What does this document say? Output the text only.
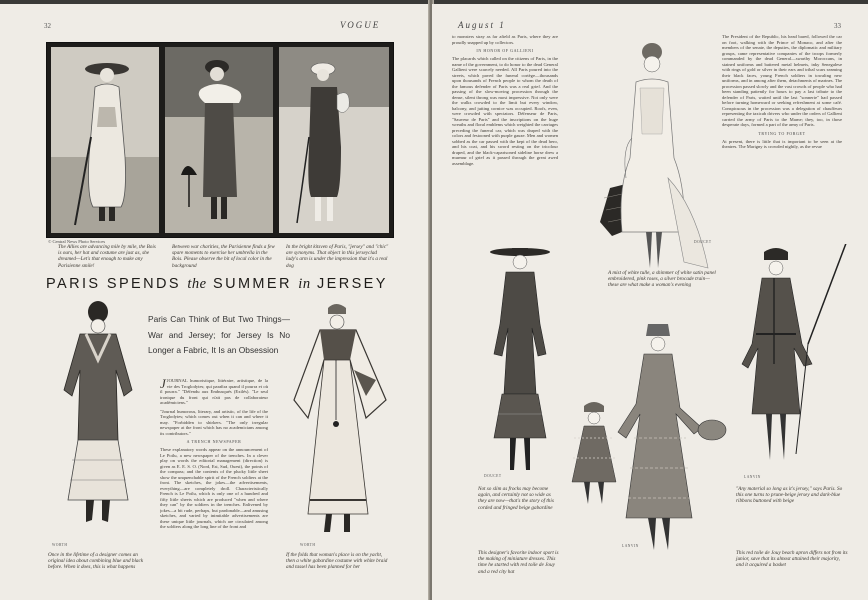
32	VOGUE
© Central News Photo Services
The Allies are advancing mile by mile, the Bois is ours, her hat and costume are just as, she dreamed—Let's that enough to make any Parisienne smile!
Between war charities, the Parisienne finds a few spare moments to exercise her umbrella in the Bois. Please observe the bit of local color in the background
In the bright kitsven of Paris, "jersey" and "chic" are synonyms. That object in this jerseyclad lady's arm is under the impression that it's a real dog
PARIS SPENDS the SUMMER in JERSEY
WORTH
Once in the lifetime of a designer comes an original idea about combining blue and black before. When it does, this is what happens
Paris Can Think of But Two Things— War and Jersey; for Jersey Is No Longer a Fabric, It Is an Obsession
JJOURNAL humoristique, littéraire, artistique, de la vie des Troglodytes; qui paraîtra quand il pourra et où il pourra." "Défendu aux Embusqués (Exilés). "Le seul ironique du front qui n'ait pas de collaborateur académiciens."
"Journal humorous, literary, and artistic, of the life of the Troglodytes; which comes out when it can and where it may. "Forbidden to shirkers. "The only irregular newspaper at the front which has no academicians among its contributors."
A TRENCH NEWSPAPER
These explanatory words appear on the announcement of Le Poilu, a new newspaper of the trenches. In a clever play on words the editorial management (direction) is given as E. E. S. O. (Nord, Est, Sud, Ouest), the points of the compass; and the contents of the plucky little sheet show the unquenchable spirit of the French soldiers at the front. The sketches, the jokes—the advertisements, everything—are completely droll. Characteristically French is Le Poilu, which is only one of a hundred and fifty little sheets which are produced "when and where they can" by the soldiers in the trenches. Enlivened by jokes—a bit rude, perhaps, but pardonable—and amusing sketches, and varied by inimitable advertisements are these unique little journals, which are circulated among the soldiers along the long line of the front and
WORTH
If the folds that woman's place is on the yacht, then a white gabardine costume with white braid and tassel has been planned for her
August 1	33
to monsters stray as far afield as Paris, where they are proudly snapped up by collectors.
IN HONOR OF GALLIENI
The placards which called on the citizens of Paris, in the name of the government, to do honor to the dead General Gallieni were scarcely needed. All Paris poured into the streets, which paved the funeral cortège—thousands upon thousands of French people to whom the death of the famous defender of Paris was a real grief. And the passing of the slow-moving procession through the dense, silent throng was most impressive. Not only were the walks crowded to the limit but every window, balcony, and jutting cornice was occupied. Roofs, even, were crowded with spectators. Défenseur de Paris, "Sauveur de Paris" and the inscriptions on the huge wreaths and floral emblems which weighted the carriages preceding the funeral car, which was draped with the colors and festooned with purple gauze. Men and women sobbed as the car passed with the kepi of the dead hero, and his coat, and his sword resting on the tricolour draped, and the black-caparisoned sideline horse drew a murmur of grief as it passed through the great awed assemblage.
DOUCET
A mist of white tulle, a shimmer of white satin panel embroidered, pink roses, a silver brocade train—these are what make a woman's evening
The President of the Republic, his head bared, followed the car on foot, walking with the Prince of Monaco, and after the members of the senate, the deputies, the diplomatic and military groups, came representative companies of the troops formerly commanded by the dead General—swarthy Moroccans, in stained uniforms and battered metal helmets, inky Senegalese with rings of gold or silver in their ears and tribal scars seaming their black faces, young French soldiers in towaling new uniforms, and in among after them, detachments of marines. The procession passed slowly and the vast crowds of people who had been standing patiently for hours to pay a last tribute to the defender of Paris, waited until the last "sonnerie" had passed before turning homeward or seeking refreshment at some café. Conspicuous in the procession was a delegation of chauffeurs representing the taxicab drivers who under the orders of Gallieni carried the army of Paris to the Marne; they, too, in those desperate days, formed a part of the army of Paris.
TRYING TO FORGET
At present, there is little that is important to be seen at the theatres. The Marigny is crowded nightly, as the revue
DOUCET
Not so slim as frocks may become again, and certainly not so wide as they are now—that's the story of this corded and fringed beige gabardine
LANVIN
This designer's favorite indoor sport is the making of miniature dresses. This time he started with red toile de Jouy and a red city hat
LANVIN
"Any material so long as it's jersey," says Paris. So this one turns to prune-beige jersey and dark-blue ribbons buttoned with beige
This red toile de Jouy beach apron differs not from its junior, save that its almost attained their majority, and it acquired a basket
